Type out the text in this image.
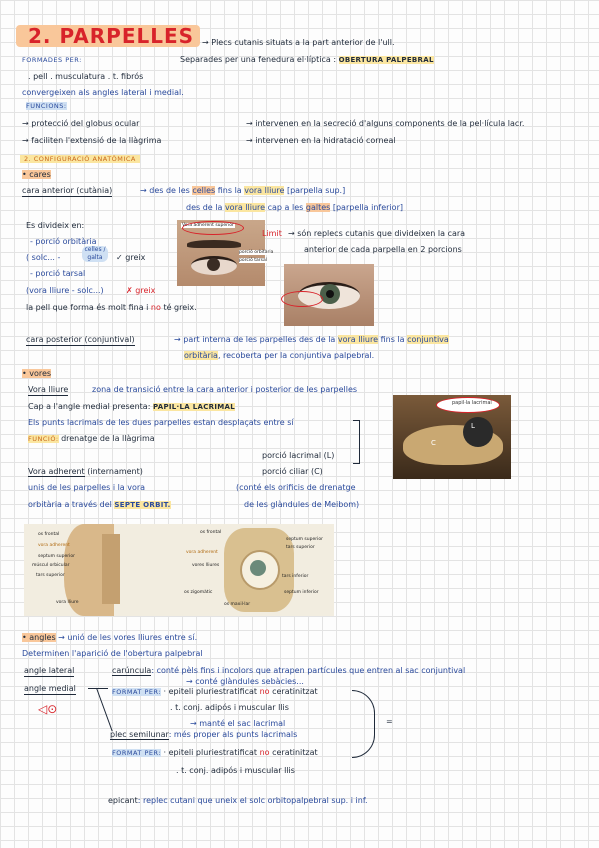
2. PARPELLES → Plecs cutanis situats a la part anterior de l'ull.
Separades per una fenedura el·líptica : OBERTURA PALPEBRAL
FORMADES PER:
. pell . musculatura . t. fibrós
convergeixen als angles lateral i medial.
FUNCIONS:
→ protecció del globus ocular	→ intervenen en la secreció d'alguns components de la pel·lícula lacr.
→ faciliten l'extensió de la llàgrima	→ intervenen en la hidratació corneal
2. CONFIGURACIÓ ANATÒMICA
• cares
cara anterior (cutània)	→ des de les celles fins la vora lliure [parpella sup.]
des de la vora lliure cap a les galtes [parpella inferior]
Es divideix en:
- porció orbitària
( solc... -
celles / galta	✓ greix
- porció tarsal
(vora lliure - solc...)	✗ greix
la pell que forma és molt fina i no té greix.
Vora adherent superior
porció orbitària
porció tarsal
Limit → són replecs cutanis que divideixen la cara
anterior de cada parpella en 2 porcions
cara posterior (conjuntival)	→ part interna de les parpelles des de la vora lliure fins la conjuntiva
orbitària, recoberta per la conjuntiva palpebral.
• vores
Vora lliure	zona de transició entre la cara anterior i posterior de les parpelles
Cap a l'angle medial presenta: PAPIL·LA LACRIMAL
Els punts lacrimals de les dues parpelles estan desplaçats entre sí
FUNCIÓ: drenatge de la llàgrima
porció lacrimal (L)
porció ciliar (C)
Vora adherent (internament)
unis de les parpelles i la vora
orbitària a través del SEPTE ORBIT.
(conté els orificis de drenatge
de les glàndules de Meibom)
L
C
papil·la lacrimal
os frontal
vora adherent
septum superior
múscul orbicular
tars superior
vora lliure
os frontal
septum superior
tars superior
vora adherent
vores lliures
tars inferior
os zigomàtic	septum inferior
os maxil·lar
• angles → unió de les vores lliures entre sí.
Determinen l'aparició de l'obertura palpebral
angle lateral
angle medial
◁⊙
carúncula: conté pèls fins i incolors que atrapen partícules que entren al sac conjuntival
→ conté glàndules sebàcies...
FORMAT PER: · epiteli pluriestratificat no ceratinitzat
. t. conj. adipós i muscular llis
→ manté el sac lacrimal
plec semilunar: més proper als punts lacrimals
FORMAT PER: · epiteli pluriestratificat no ceratinitzat
. t. conj. adipós i muscular llis
=
epicant: replec cutani que uneix el solc orbitopalpebral sup. i inf.
